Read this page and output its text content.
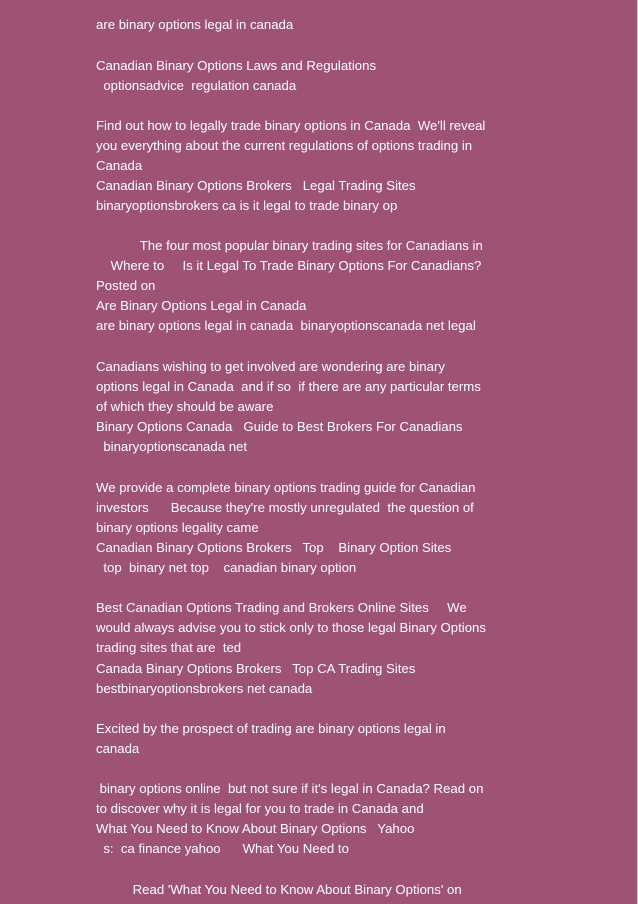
are binary options legal in canada
Canadian Binary Options Laws and Regulations
optionsadvice  regulation canada
Find out how to legally trade binary options in Canada  We'll reveal
you everything about the current regulations of options trading in
Canada
Canadian Binary Options Brokers   Legal Trading Sites
binaryoptionsbrokers ca is it legal to trade binary op
The four most popular binary trading sites for Canadians in
Where to     Is it Legal To Trade Binary Options For Canadians?
Posted on
Are Binary Options Legal in Canada
are binary options legal in canada  binaryoptionscanada net legal
Canadians wishing to get involved are wondering are binary
options legal in Canada  and if so  if there are any particular terms
of which they should be aware
Binary Options Canada   Guide to Best Brokers For Canadians
binaryoptionscanada net
We provide a complete binary options trading guide for Canadian
investors      Because they're mostly unregulated  the question of
binary options legality came
Canadian Binary Options Brokers   Top    Binary Option Sites
top  binary net top    canadian binary option
Best Canadian Options Trading and Brokers Online Sites     We
would always advise you to stick only to those legal Binary Options
trading sites that are  ted
Canada Binary Options Brokers   Top CA Trading Sites
bestbinaryoptionsbrokers net canada
Excited by the prospect of trading are binary options legal in
canada
binary options online  but not sure if it's legal in Canada? Read on
to discover why it is legal for you to trade in Canada and
What You Need to Know About Binary Options   Yahoo
s:  ca finance yahoo      What You Need to
Read 'What You Need to Know About Binary Options' on
